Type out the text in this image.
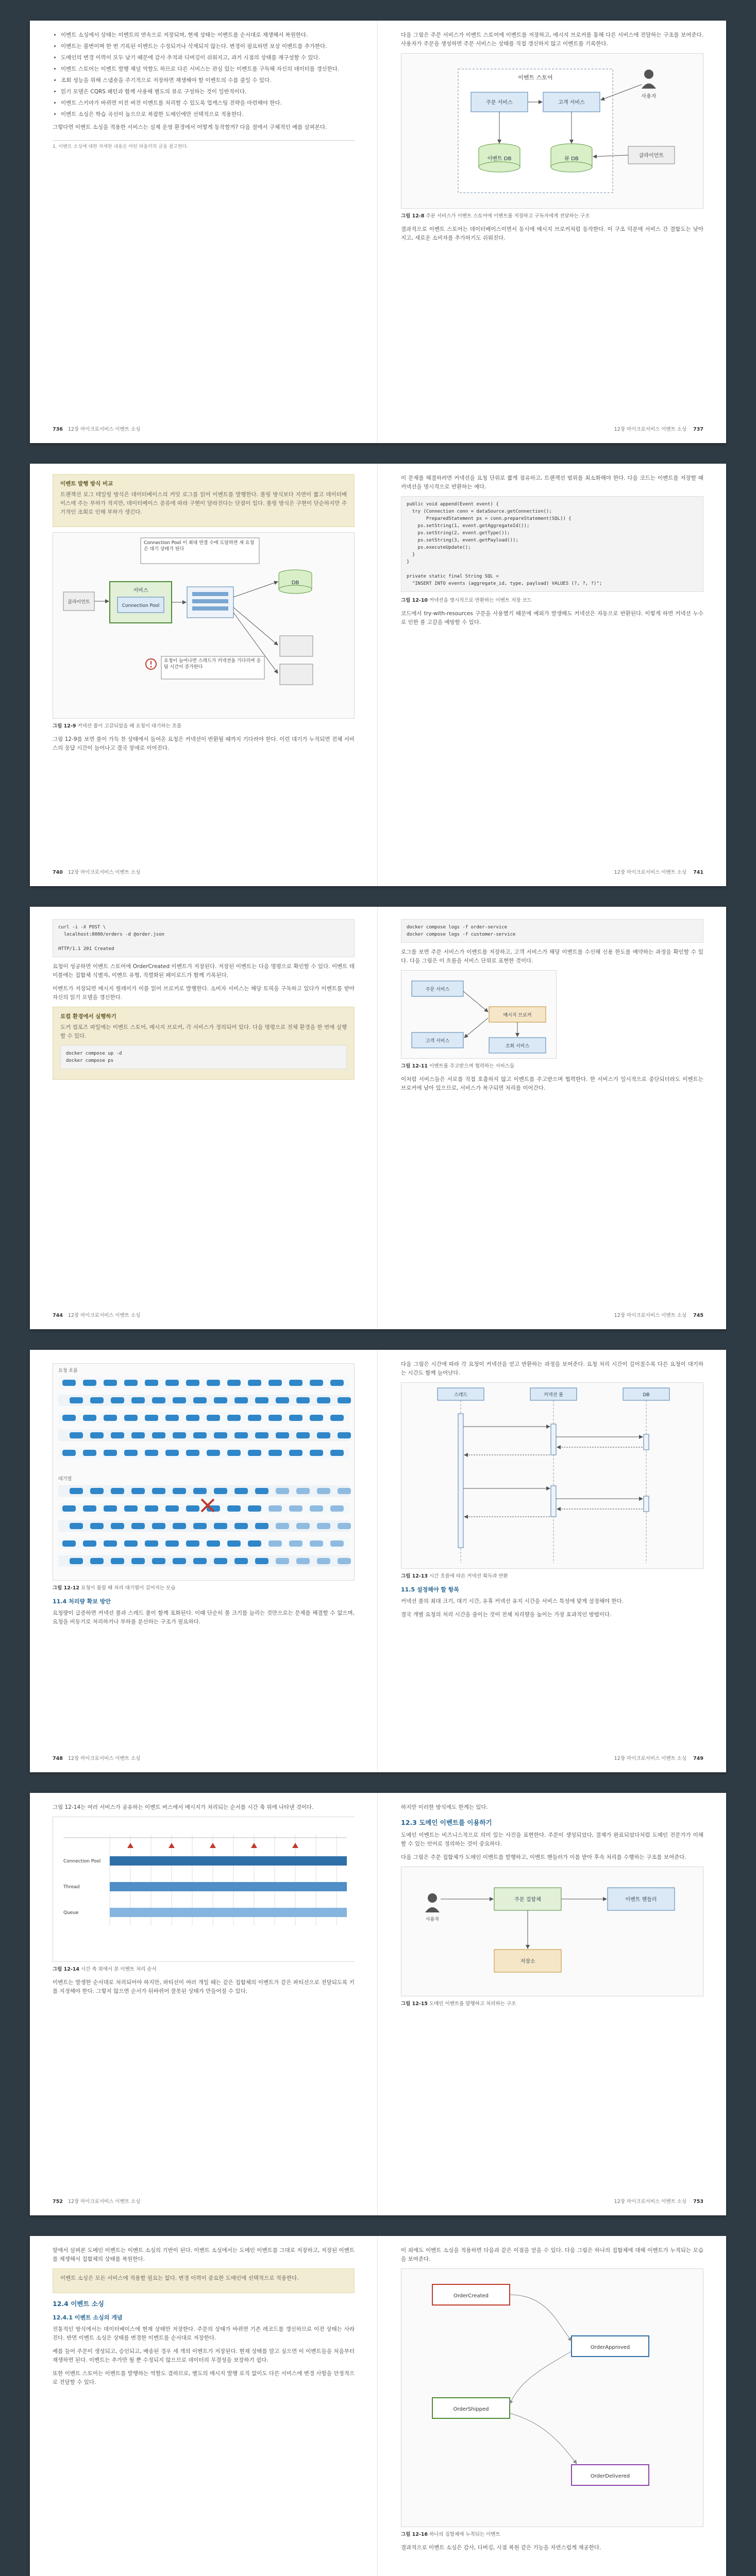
• 이벤트 소싱에서 상태는 이벤트의 연속으로 저장되며, 현재 상태는 이벤트를 순서대로 재생해서 복원한다.
• 이벤트는 불변이며 한 번 기록된 이벤트는 수정되거나 삭제되지 않는다. 변경이 필요하면 보상 이벤트를 추가한다.
• 도메인의 변경 이력이 모두 남기 때문에 감사 추적과 디버깅이 쉬워지고, 과거 시점의 상태를 재구성할 수 있다.
• 이벤트 스토어는 이벤트 발행 채널 역할도 하므로 다른 서비스는 관심 있는 이벤트를 구독해 자신의 데이터를 갱신한다.
• 조회 성능을 위해 스냅숏을 주기적으로 저장하면 재생해야 할 이벤트의 수를 줄일 수 있다.
• 읽기 모델은 CQRS 패턴과 함께 사용해 별도의 뷰로 구성하는 것이 일반적이다.
• 이벤트 스키마가 바뀌면 이전 버전 이벤트를 처리할 수 있도록 업캐스팅 전략을 마련해야 한다.
• 이벤트 소싱은 학습 곡선이 높으므로 복잡한 도메인에만 선택적으로 적용한다.

그렇다면 이벤트 소싱을 적용한 서비스는 실제 운영 환경에서 어떻게 동작할까? 다음 절에서 구체적인 예를 살펴본다.

1. 이벤트 소싱에 대한 자세한 내용은 마틴 파울러의 글을 참고한다.
736 12장 마이크로서비스 이벤트 소싱

다음 그림은 주문 서비스가 이벤트 스토어에 이벤트를 저장하고, 메시지 브로커를 통해 다른 서비스에 전달하는 구조를 보여준다. 사용자가 주문을 생성하면 주문 서비스는 상태를 직접 갱신하지 않고 이벤트를 기록한다.

이벤트 스토어
주문 서비스	고객 서비스
이벤트 DB	뷰 DB
사용자
클라이언트
그림 12-8 주문 서비스가 이벤트 스토어에 이벤트를 저장하고 구독자에게 전달하는 구조

결과적으로 이벤트 스토어는 데이터베이스이면서 동시에 메시지 브로커처럼 동작한다. 이 구조 덕분에 서비스 간 결합도는 낮아지고, 새로운 소비자를 추가하기도 쉬워진다.

12장 마이크로서비스 이벤트 소싱 737
이벤트 발행 방식 비교

트랜잭션 로그 테일링 방식은 데이터베이스의 커밋 로그를 읽어 이벤트를 발행한다. 폴링 방식보다 지연이 짧고 데이터베이스에 주는 부하가 적지만, 데이터베이스 종류에 따라 구현이 달라진다는 단점이 있다. 폴링 방식은 구현이 단순하지만 주기적인 조회로 인해 부하가 생긴다.

Connection Pool 이 최대 연결 수에 도달하면 새 요청은 대기 상태가 된다
클라이언트
서비스
Connection Pool
DB
요청이 늘어나면 스레드가 커넥션을 기다리며 응답 시간이 증가한다
그림 12-9 커넥션 풀이 고갈되었을 때 요청이 대기하는 흐름

그림 12-9를 보면 풀이 가득 찬 상태에서 들어온 요청은 커넥션이 반환될 때까지 기다려야 한다. 이런 대기가 누적되면 전체 서비스의 응답 시간이 늘어나고 결국 장애로 이어진다.

740 12장 마이크로서비스 이벤트 소싱

이 문제를 해결하려면 커넥션을 요청 단위로 짧게 점유하고, 트랜잭션 범위를 최소화해야 한다. 다음 코드는 이벤트를 저장할 때 커넥션을 명시적으로 반환하는 예다.

public void append(Event event) {
try (Connection conn = dataSource.getConnection();
PreparedStatement ps = conn.prepareStatement(SQL)) {
ps.setString(1, event.getAggregateId());
ps.setString(2, event.getType());
ps.setString(3, event.getPayload());
ps.executeUpdate();
}
}

private static final String SQL =
"INSERT INTO events (aggregate_id, type, payload) VALUES (?, ?, ?)";
그림 12-10 커넥션을 명시적으로 반환하는 이벤트 저장 코드

코드에서 try-with-resources 구문을 사용했기 때문에 예외가 발생해도 커넥션은 자동으로 반환된다. 이렇게 하면 커넥션 누수로 인한 풀 고갈을 예방할 수 있다.

12장 마이크로서비스 이벤트 소싱 741
curl -i -X POST \
localhost:8080/orders -d @order.json

HTTP/1.1 201 Created

요청이 성공하면 이벤트 스토어에 OrderCreated 이벤트가 저장된다. 저장된 이벤트는 다음 명령으로 확인할 수 있다. 이벤트 테이블에는 집합체 식별자, 이벤트 유형, 직렬화된 페이로드가 함께 기록된다.

이벤트가 저장되면 메시지 릴레이가 이를 읽어 브로커로 발행한다. 소비자 서비스는 해당 토픽을 구독하고 있다가 이벤트를 받아 자신의 읽기 모델을 갱신한다.

로컬 환경에서 실행하기

도커 컴포즈 파일에는 이벤트 스토어, 메시지 브로커, 각 서비스가 정의되어 있다. 다음 명령으로 전체 환경을 한 번에 실행할 수 있다.

docker compose up -d
docker compose ps
744 12장 마이크로서비스 이벤트 소싱
docker compose logs -f order-service
docker compose logs -f customer-service

로그를 보면 주문 서비스가 이벤트를 저장하고, 고객 서비스가 해당 이벤트를 수신해 신용 한도를 예약하는 과정을 확인할 수 있다. 다음 그림은 이 흐름을 서비스 단위로 표현한 것이다.

주문 서비스
메시지 브로커
고객 서비스
조회 서비스
그림 12-11 이벤트를 주고받으며 협력하는 서비스들

이처럼 서비스들은 서로를 직접 호출하지 않고 이벤트를 주고받으며 협력한다. 한 서비스가 일시적으로 중단되더라도 이벤트는 브로커에 남아 있으므로, 서비스가 복구되면 처리를 이어간다.

12장 마이크로서비스 이벤트 소싱 745
요청 흐름
대기열
그림 12-12 요청이 몰릴 때 처리 대기열이 길어지는 모습
11.4 처리량 확보 방안

요청량이 급증하면 커넥션 풀과 스레드 풀이 함께 포화된다. 이때 단순히 풀 크기를 늘리는 것만으로는 문제를 해결할 수 없으며, 요청을 비동기로 처리하거나 부하를 분산하는 구조가 필요하다.

748 12장 마이크로서비스 이벤트 소싱

다음 그림은 시간에 따라 각 요청이 커넥션을 얻고 반환하는 과정을 보여준다. 요청 처리 시간이 길어질수록 다른 요청이 대기하는 시간도 함께 늘어난다.

스레드	커넥션 풀	DB
그림 12-13 시간 흐름에 따른 커넥션 획득과 반환
11.5 설정해야 할 항목

커넥션 풀의 최대 크기, 대기 시간, 유휴 커넥션 유지 시간을 서비스 특성에 맞게 설정해야 한다.

결국 개별 요청의 처리 시간을 줄이는 것이 전체 처리량을 높이는 가장 효과적인 방법이다.

12장 마이크로서비스 이벤트 소싱 749

그림 12-14는 여러 서비스가 공유하는 이벤트 버스에서 메시지가 처리되는 순서를 시간 축 위에 나타낸 것이다.

Connection Pool
Thread
Queue
그림 12-14 시간 축 위에서 본 이벤트 처리 순서

이벤트는 발생한 순서대로 처리되어야 하지만, 파티션이 여러 개일 때는 같은 집합체의 이벤트가 같은 파티션으로 전달되도록 키를 지정해야 한다. 그렇지 않으면 순서가 뒤바뀌어 잘못된 상태가 만들어질 수 있다.

752 12장 마이크로서비스 이벤트 소싱

하지만 이러한 방식에도 한계는 있다.

12.3 도메인 이벤트를 이용하기

도메인 이벤트는 비즈니스적으로 의미 있는 사건을 표현한다. 주문이 생성되었다, 결제가 완료되었다처럼 도메인 전문가가 이해할 수 있는 언어로 정의하는 것이 중요하다.

다음 그림은 주문 집합체가 도메인 이벤트를 발행하고, 이벤트 핸들러가 이를 받아 후속 처리를 수행하는 구조를 보여준다.

사용자
주문 집합체	이벤트 핸들러
저장소
그림 12-15 도메인 이벤트를 발행하고 처리하는 구조
12장 마이크로서비스 이벤트 소싱 753

앞에서 살펴본 도메인 이벤트는 이벤트 소싱의 기반이 된다. 이벤트 소싱에서는 도메인 이벤트를 그대로 저장하고, 저장된 이벤트를 재생해서 집합체의 상태를 복원한다.

이벤트 소싱은 모든 서비스에 적용할 필요는 없다. 변경 이력이 중요한 도메인에 선택적으로 적용한다.

12.4 이벤트 소싱
12.4.1 이벤트 소싱의 개념

전통적인 방식에서는 데이터베이스에 현재 상태만 저장한다. 주문의 상태가 바뀌면 기존 레코드를 갱신하므로 이전 상태는 사라진다. 반면 이벤트 소싱은 상태를 변경한 이벤트를 순서대로 저장한다.

예를 들어 주문이 생성되고, 승인되고, 배송된 경우 세 개의 이벤트가 저장된다. 현재 상태를 알고 싶으면 이 이벤트들을 처음부터 재생하면 된다. 이벤트는 추가만 될 뿐 수정되지 않으므로 데이터의 무결성을 보장하기 쉽다.

또한 이벤트 스토어는 이벤트를 발행하는 역할도 겸하므로, 별도의 메시지 발행 로직 없이도 다른 서비스에 변경 사항을 안정적으로 전달할 수 있다.

이 외에도 이벤트 소싱을 적용하면 다음과 같은 이점을 얻을 수 있다. 다음 그림은 하나의 집합체에 대해 이벤트가 누적되는 모습을 보여준다.

OrderCreated
OrderApproved
OrderShipped
OrderDelivered
그림 12-16 하나의 집합체에 누적되는 이벤트

결과적으로 이벤트 소싱은 감사, 디버깅, 시점 복원 같은 기능을 자연스럽게 제공한다.
